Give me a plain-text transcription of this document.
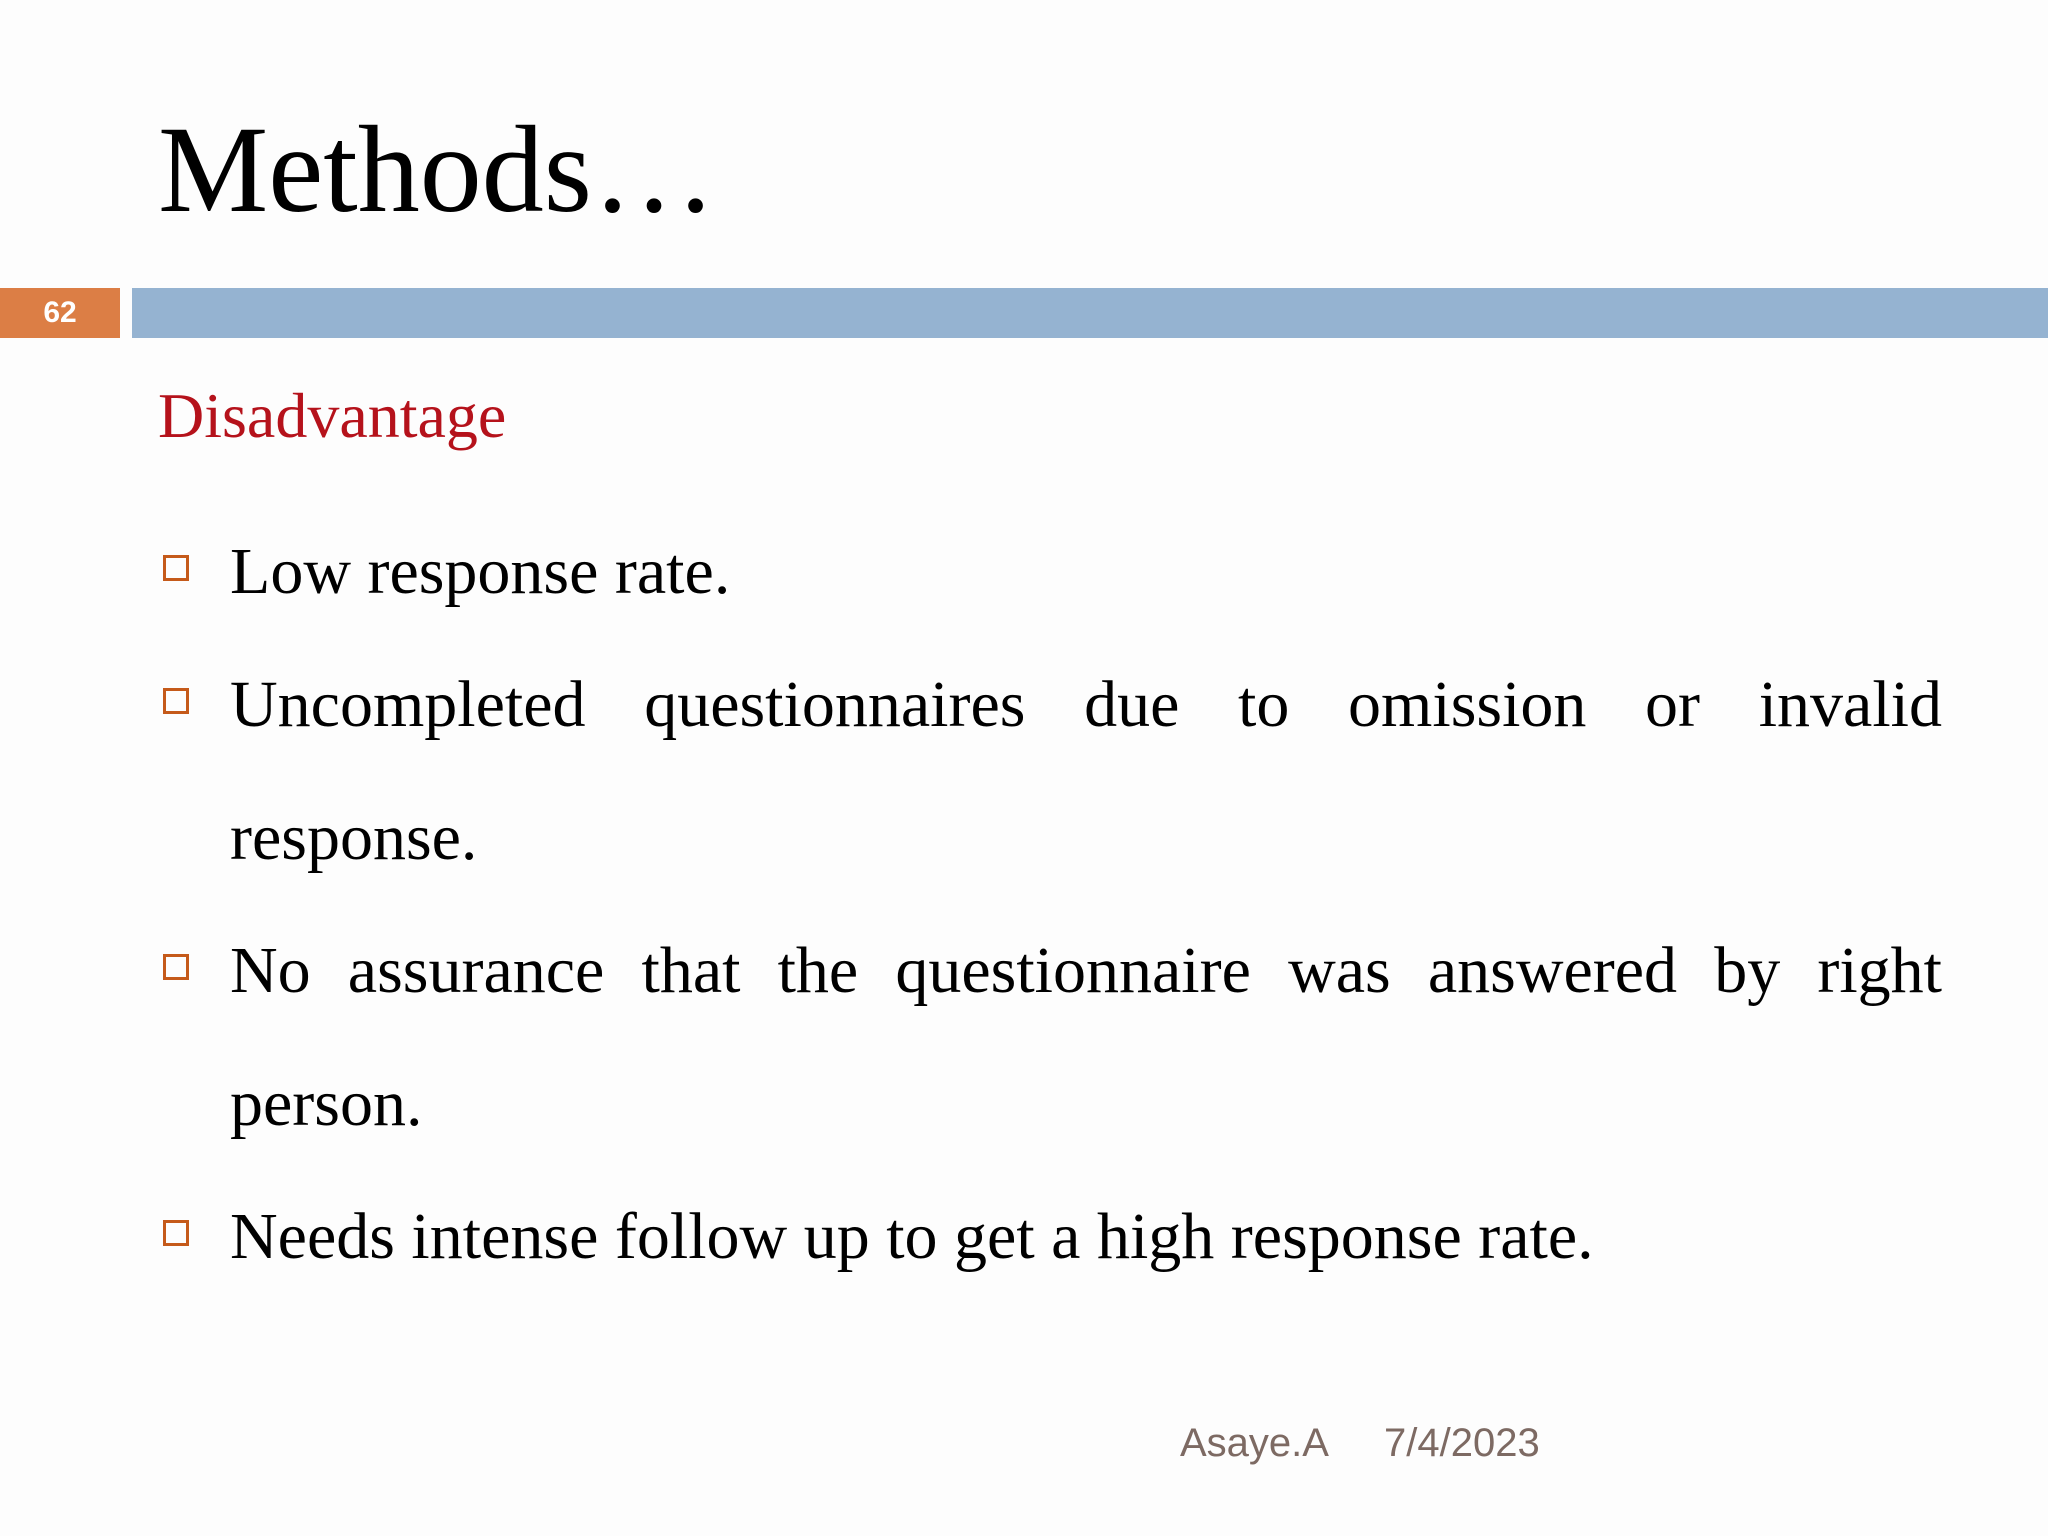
Methods…
62
Disadvantage
Low response rate.
Uncompleted questionnaires due to omission or invalid response.
No assurance that the questionnaire was answered by right person.
Needs intense follow up to get a high response rate.
Asaye.A 7/4/2023
